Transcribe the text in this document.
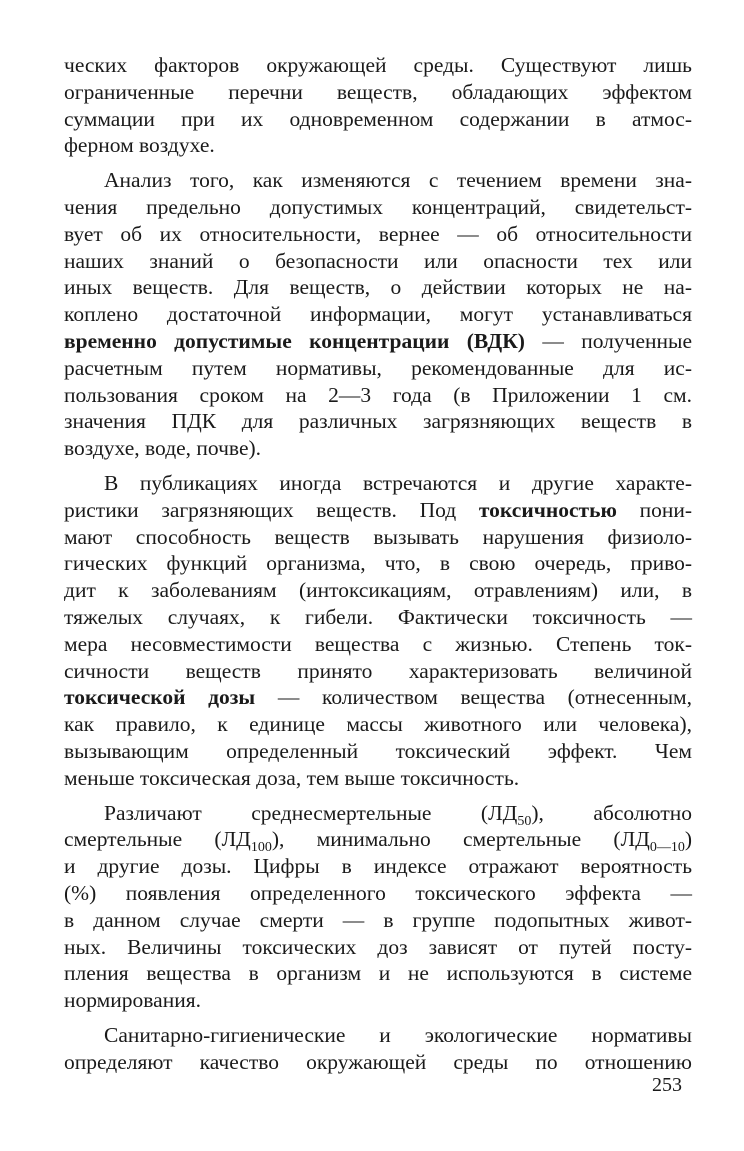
ческих факторов окружающей среды. Существуют лишь
ограниченные перечни веществ, обладающих эффектом
суммации при их одновременном содержании в атмос-
ферном воздухе.
Анализ того, как изменяются с течением времени зна-
чения предельно допустимых концентраций, свидетельст-
вует об их относительности, вернее — об относительности
наших знаний о безопасности или опасности тех или
иных веществ. Для веществ, о действии которых не на-
коплено достаточной информации, могут устанавливаться
временно допустимые концентрации (ВДК) — полученные
расчетным путем нормативы, рекомендованные для ис-
пользования сроком на 2—3 года (в Приложении 1 см.
значения ПДК для различных загрязняющих веществ в
воздухе, воде, почве).
В публикациях иногда встречаются и другие характе-
ристики загрязняющих веществ. Под токсичностью пони-
мают способность веществ вызывать нарушения физиоло-
гических функций организма, что, в свою очередь, приво-
дит к заболеваниям (интоксикациям, отравлениям) или, в
тяжелых случаях, к гибели. Фактически токсичность —
мера несовместимости вещества с жизнью. Степень ток-
сичности веществ принято характеризовать величиной
токсической дозы — количеством вещества (отнесенным,
как правило, к единице массы животного или человека),
вызывающим определенный токсический эффект. Чем
меньше токсическая доза, тем выше токсичность.
Различают среднесмертельные $(ЛД_{50})$, абсолютно
смертельные $(ЛД_{100})$, минимально смертельные $(ЛД_{0—10})$
и другие дозы. Цифры в индексе отражают вероятность
(%) появления определенного токсического эффекта —
в данном случае смерти — в группе подопытных живот-
ных. Величины токсических доз зависят от путей посту-
пления вещества в организм и не используются в системе
нормирования.
Санитарно-гигиенические и экологические нормативы
определяют качество окружающей среды по отношению
253
